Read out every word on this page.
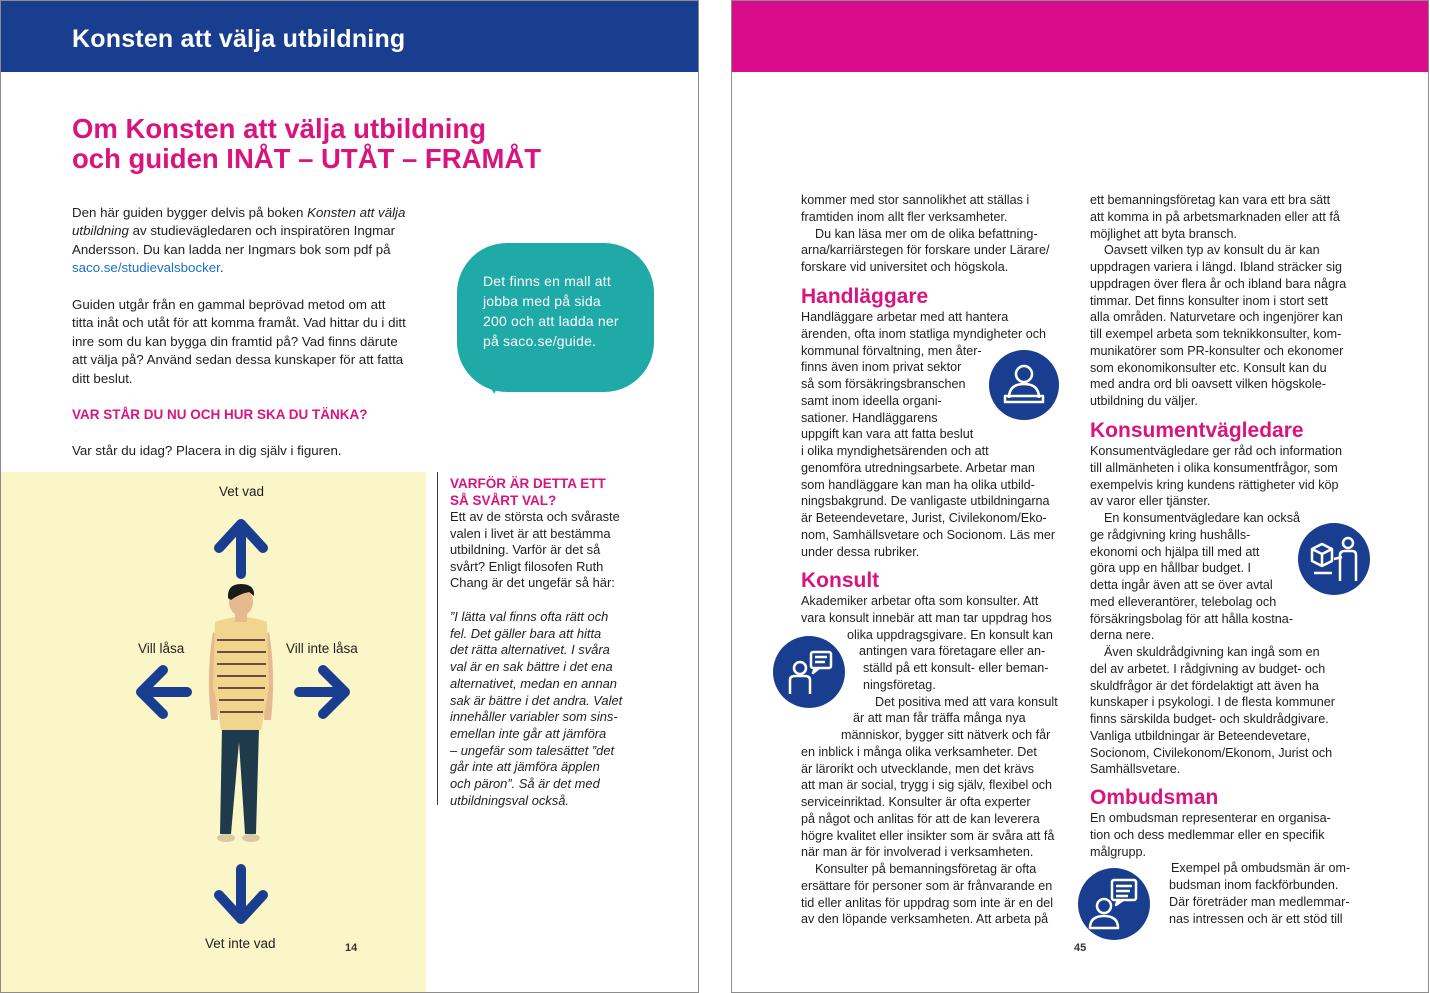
Konsten att välja utbildning
Om Konsten att välja utbildning
och guiden INÅT – UTÅT – FRAMÅT
Den här guiden bygger delvis på boken Konsten att välja
utbildning av studievägledaren och inspiratören Ingmar
Andersson. Du kan ladda ner Ingmars bok som pdf på
saco.se/studievalsbocker.
Guiden utgår från en gammal beprövad metod om att
titta inåt och utåt för att komma framåt. Vad hittar du i ditt
inre som du kan bygga din framtid på? Vad finns därute
att välja på? Använd sedan dessa kunskaper för att fatta
ditt beslut.
Det finns en mall att
jobba med på sida
200 och att ladda ner
på saco.se/guide.
VAR STÅR DU NU OCH HUR SKA DU TÄNKA?
Var står du idag? Placera in dig själv i figuren.
Vet vad
Vill låsa	Vill inte låsa
Vet inte vad
VARFÖR ÄR DETTA ETT
SÅ SVÅRT VAL?
Ett av de största och svåraste
valen i livet är att bestämma
utbildning. Varför är det så
svårt? Enligt filosofen Ruth
Chang är det ungefär så här:
”I lätta val finns ofta rätt och
fel. Det gäller bara att hitta
det rätta alternativet. I svåra
val är en sak bättre i det ena
alternativet, medan en annan
sak är bättre i det andra. Valet
innehåller variabler som sins-
emellan inte går att jämföra
– ungefär som talesättet ”det
går inte att jämföra äpplen
och päron”. Så är det med
utbildningsval också.
14
kommer med stor sannolikhet att ställas i
framtiden inom allt fler verksamheter.
Du kan läsa mer om de olika befattning-
arna/karriärstegen för forskare under Lärare/
forskare vid universitet och högskola.
Handläggare
Handläggare arbetar med att hantera
ärenden, ofta inom statliga myndigheter och
kommunal förvaltning, men åter-
finns även inom privat sektor
så som försäkringsbranschen
samt inom ideella organi-
sationer. Handläggarens
uppgift kan vara att fatta beslut
i olika myndighetsärenden och att
genomföra utredningsarbete. Arbetar man
som handläggare kan man ha olika utbild-
ningsbakgrund. De vanligaste utbildningarna
är Beteendevetare, Jurist, Civilekonom/Eko-
nom, Samhällsvetare och Socionom. Läs mer
under dessa rubriker.
Konsult
Akademiker arbetar ofta som konsulter. Att
vara konsult innebär att man tar uppdrag hos
olika uppdragsgivare. En konsult kan
antingen vara företagare eller an-
ställd på ett konsult- eller beman-
ningsföretag.
Det positiva med att vara konsult
är att man får träffa många nya
människor, bygger sitt nätverk och får
en inblick i många olika verksamheter. Det
är lärorikt och utvecklande, men det krävs
att man är social, trygg i sig själv, flexibel och
serviceinriktad. Konsulter är ofta experter
på något och anlitas för att de kan leverera
högre kvalitet eller insikter som är svåra att få
när man är för involverad i verksamheten.
Konsulter på bemanningsföretag är ofta
ersättare för personer som är frånvarande en
tid eller anlitas för uppdrag som inte är en del
av den löpande verksamheten. Att arbeta på
ett bemanningsföretag kan vara ett bra sätt
att komma in på arbetsmarknaden eller att få
möjlighet att byta bransch.
Oavsett vilken typ av konsult du är kan
uppdragen variera i längd. Ibland sträcker sig
uppdragen över flera år och ibland bara några
timmar. Det finns konsulter inom i stort sett
alla områden. Naturvetare och ingenjörer kan
till exempel arbeta som teknikkonsulter, kom-
munikatörer som PR-konsulter och ekonomer
som ekonomikonsulter etc. Konsult kan du
med andra ord bli oavsett vilken högskole-
utbildning du väljer.
Konsumentvägledare
Konsumentvägledare ger råd och information
till allmänheten i olika konsumentfrågor, som
exempelvis kring kundens rättigheter vid köp
av varor eller tjänster.
En konsumentvägledare kan också
ge rådgivning kring hushålls-
ekonomi och hjälpa till med att
göra upp en hållbar budget. I
detta ingår även att se över avtal
med elleverantörer, telebolag och
försäkringsbolag för att hålla kostna-
derna nere.
Även skuldrådgivning kan ingå som en
del av arbetet. I rådgivning av budget- och
skuldfrågor är det fördelaktigt att även ha
kunskaper i psykologi. I de flesta kommuner
finns särskilda budget- och skuldrådgivare.
Vanliga utbildningar är Beteendevetare,
Socionom, Civilekonom/Ekonom, Jurist och
Samhällsvetare.
Ombudsman
En ombudsman representerar en organisa-
tion och dess medlemmar eller en specifik
målgrupp.
Exempel på ombudsmän är om-
budsman inom fackförbunden.
Där företräder man medlemmar-
nas intressen och är ett stöd till
45
